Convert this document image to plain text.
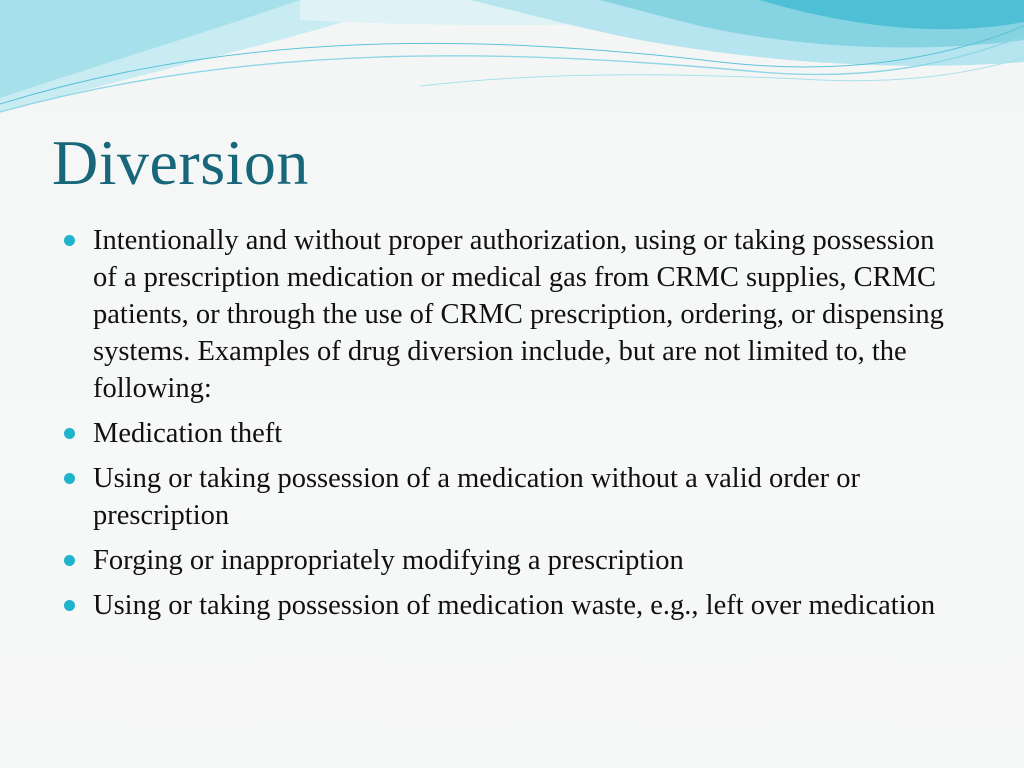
Diversion
Intentionally and without proper authorization, using or taking possession of a prescription medication or medical gas from CRMC supplies, CRMC patients, or through the use of CRMC prescription, ordering, or dispensing systems. Examples of drug diversion include, but are not limited to, the following:
Medication theft
Using or taking possession of a medication without a valid order or prescription
Forging or inappropriately modifying a prescription
Using or taking possession of medication waste, e.g., left over medication
